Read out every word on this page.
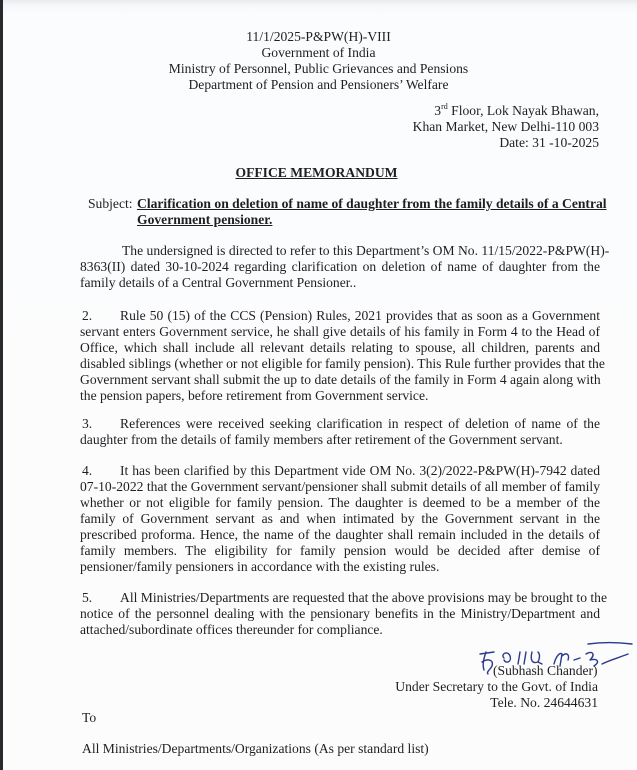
11/1/2025-P&PW(H)-VIII
Government of India
Ministry of Personnel, Public Grievances and Pensions
Department of Pension and Pensioners’ Welfare
3rd Floor, Lok Nayak Bhawan,
Khan Market, New Delhi-110 003
Date: 31 -10-2025
OFFICE MEMORANDUM
Subject: Clarification on deletion of name of daughter from the family details of a Central
Government pensioner.
The undersigned is directed to refer to this Department’s OM No. 11/15/2022-P&PW(H)-
8363(II) dated 30-10-2024 regarding clarification on deletion of name of daughter from the
family details of a Central Government Pensioner..
2. Rule 50 (15) of the CCS (Pension) Rules, 2021 provides that as soon as a Government
servant enters Government service, he shall give details of his family in Form 4 to the Head of
Office, which shall include all relevant details relating to spouse, all children, parents and
disabled siblings (whether or not eligible for family pension). This Rule further provides that the
Government servant shall submit the up to date details of the family in Form 4 again along with
the pension papers, before retirement from Government service.
3. References were received seeking clarification in respect of deletion of name of the
daughter from the details of family members after retirement of the Government servant.
4. It has been clarified by this Department vide OM No. 3(2)/2022-P&PW(H)-7942 dated
07-10-2022 that the Government servant/pensioner shall submit details of all member of family
whether or not eligible for family pension. The daughter is deemed to be a member of the
family of Government servant as and when intimated by the Government servant in the
prescribed proforma. Hence, the name of the daughter shall remain included in the details of
family members. The eligibility for family pension would be decided after demise of
pensioner/family pensioners in accordance with the existing rules.
5. All Ministries/Departments are requested that the above provisions may be brought to the
notice of the personnel dealing with the pensionary benefits in the Ministry/Department and
attached/subordinate offices thereunder for compliance.
(Subhash Chander)
Under Secretary to the Govt. of India
Tele. No. 24644631
To
All Ministries/Departments/Organizations (As per standard list)
